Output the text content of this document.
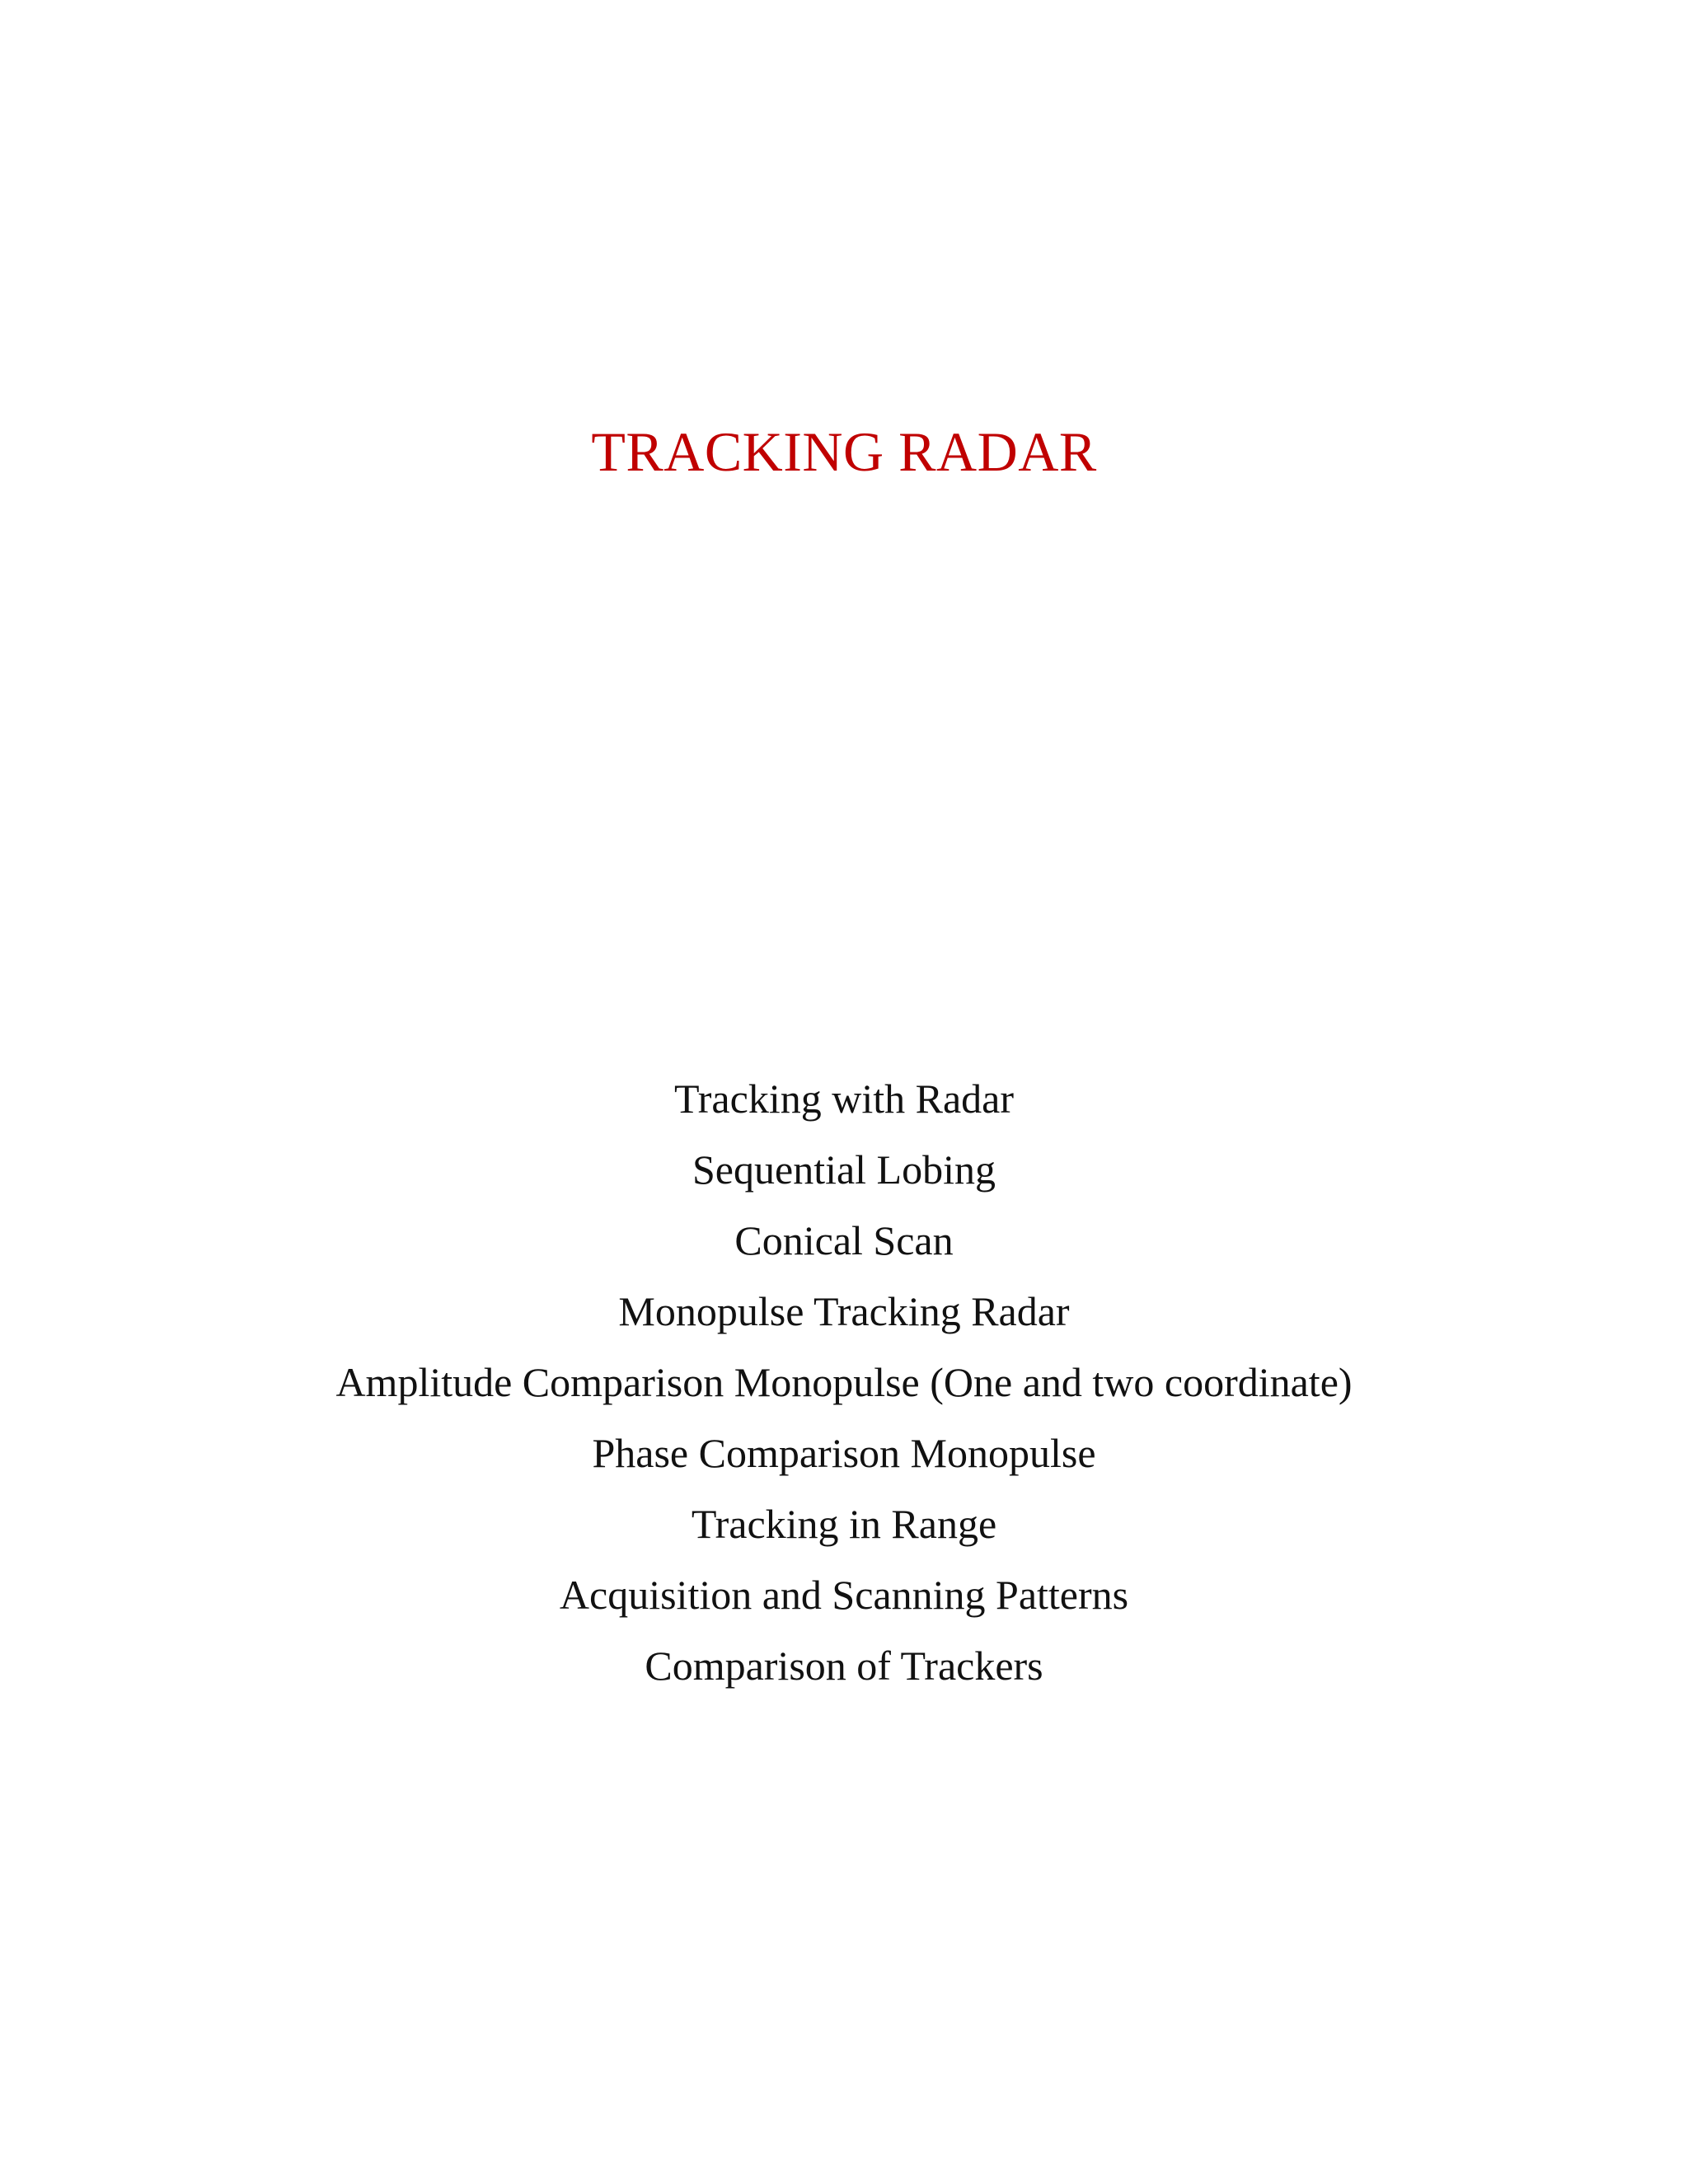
TRACKING RADAR
Tracking with Radar
Sequential Lobing
Conical Scan
Monopulse Tracking Radar
Amplitude Comparison Monopulse (One and two coordinate)
Phase Comparison Monopulse
Tracking in Range
Acquisition and Scanning Patterns
Comparison of Trackers
